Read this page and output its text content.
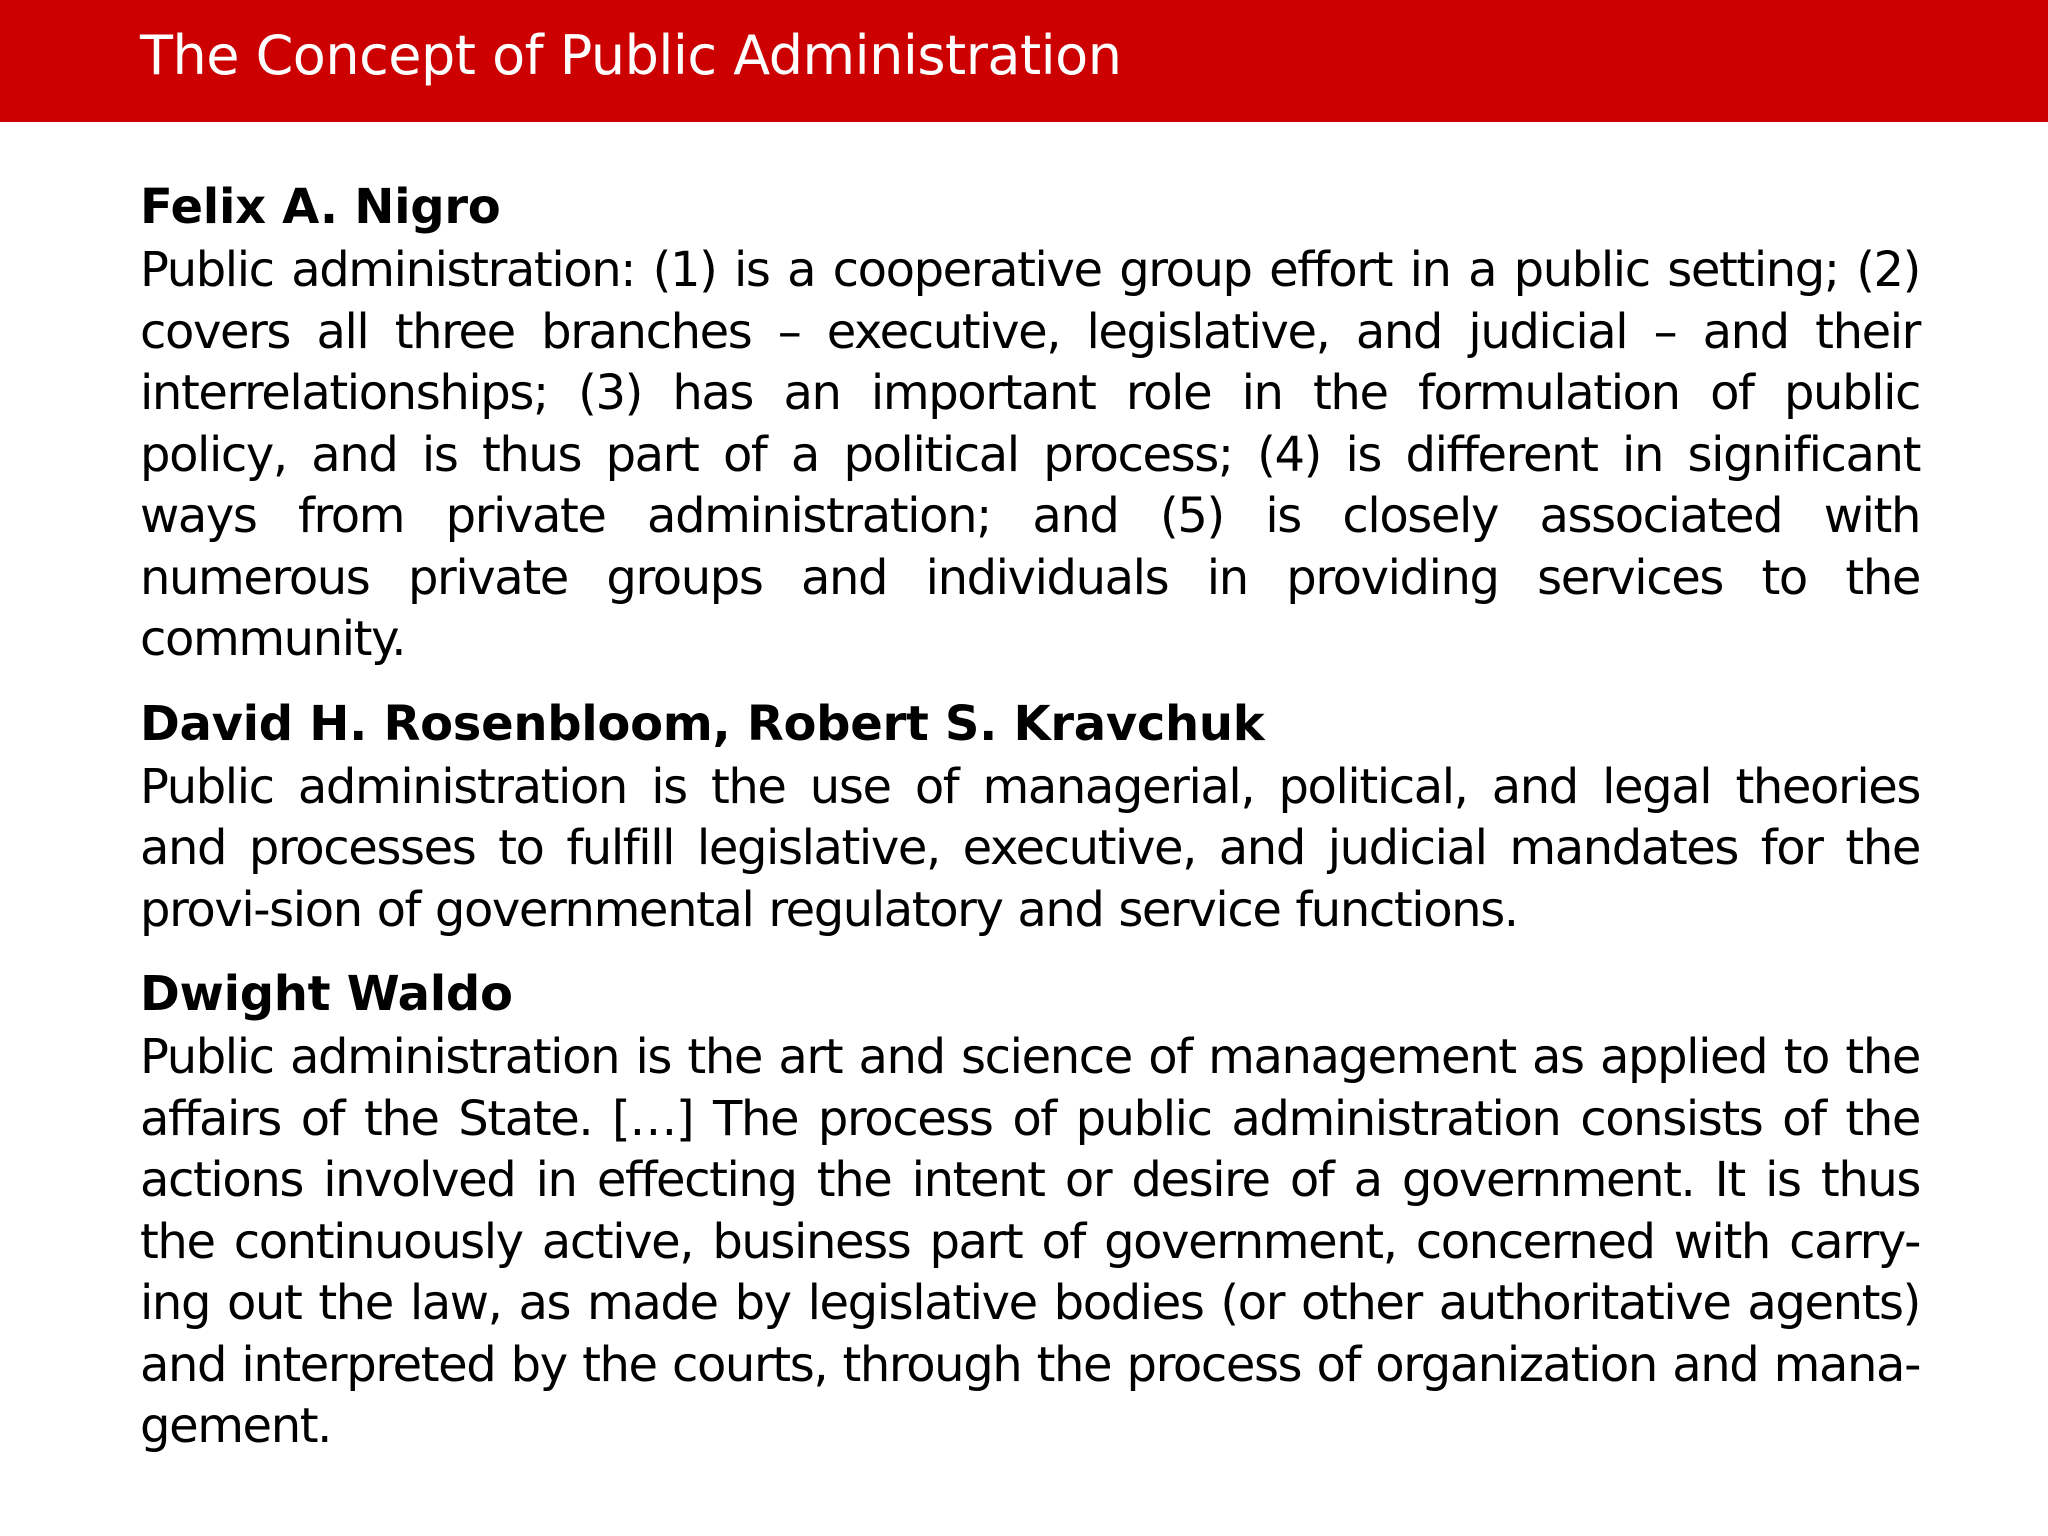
The Concept of Public Administration
Felix A. Nigro

Public administration: (1) is a cooperative group effort in a public setting; (2) covers all three branches – executive, legislative, and judicial – and their interrelationships; (3) has an important role in the formulation of public policy, and is thus part of a political process; (4) is different in significant ways from private administration; and (5) is closely associated with numerous private groups and individuals in providing services to the community.

David H. Rosenbloom, Robert S. Kravchuk

Public administration is the use of managerial, political, and legal theories and processes to fulfill legislative, executive, and judicial mandates for the provi-sion of governmental regulatory and service functions.

Dwight Waldo

Public administration is the art and science of management as applied to the affairs of the State. […] The process of public administration consists of the actions involved in effecting the intent or desire of a government. It is thus the continuously active, business part of government, concerned with carry-ing out the law, as made by legislative bodies (or other authoritative agents) and interpreted by the courts, through the process of organization and mana-gement.
